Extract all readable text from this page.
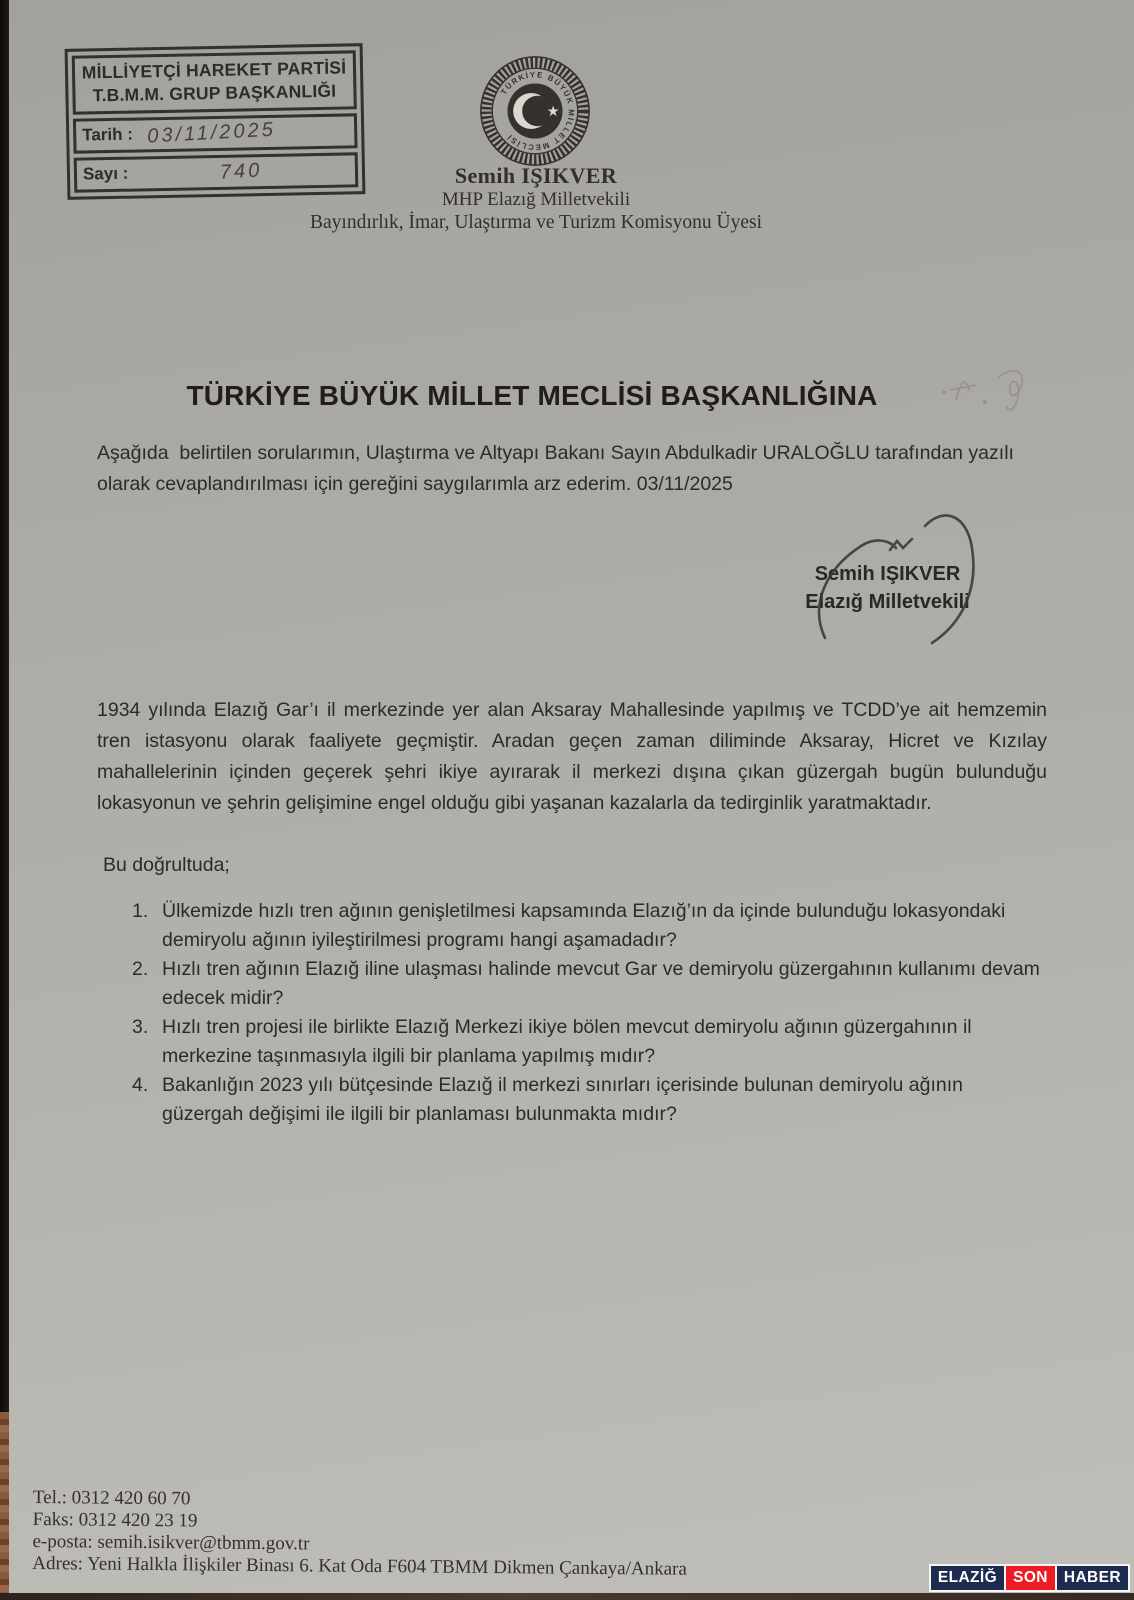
MİLLİYETÇİ HAREKET PARTİSİ
T.B.M.M. GRUP BAŞKANLIĞI
Tarih : 03/11/2025
Sayı :	740
TÜRKİYE BÜYÜK MİLLET MECLİSİ
★
Semih IŞIKVER
MHP Elazığ Milletvekili
Bayındırlık, İmar, Ulaştırma ve Turizm Komisyonu Üyesi
TÜRKİYE BÜYÜK MİLLET MECLİSİ BAŞKANLIĞINA
Aşağıda  belirtilen sorularımın, Ulaştırma ve Altyapı Bakanı Sayın Abdulkadir URALOĞLU tarafından yazılı olarak cevaplandırılması için gereğini saygılarımla arz ederim. 03/11/2025
Semih IŞIKVER
Elazığ Milletvekili
1934 yılında Elazığ Gar’ı il merkezinde yer alan Aksaray Mahallesinde yapılmış ve TCDD’ye ait hemzemin tren istasyonu olarak faaliyete geçmiştir. Aradan geçen zaman diliminde Aksaray, Hicret ve Kızılay mahallelerinin içinden geçerek şehri ikiye ayırarak il merkezi dışına çıkan güzergah bugün bulunduğu lokasyonun ve şehrin gelişimine engel olduğu gibi yaşanan kazalarla da tedirginlik yaratmaktadır.
Bu doğrultuda;
1. Ülkemizde hızlı tren ağının genişletilmesi kapsamında Elazığ’ın da içinde bulunduğu lokasyondaki demiryolu ağının iyileştirilmesi programı hangi aşamadadır?
2. Hızlı tren ağının Elazığ iline ulaşması halinde mevcut Gar ve demiryolu güzergahının kullanımı devam edecek midir?
3. Hızlı tren projesi ile birlikte Elazığ Merkezi ikiye bölen mevcut demiryolu ağının güzergahının il merkezine taşınmasıyla ilgili bir planlama yapılmış mıdır?
4. Bakanlığın 2023 yılı bütçesinde Elazığ il merkezi sınırları içerisinde bulunan demiryolu ağının güzergah değişimi ile ilgili bir planlaması bulunmakta mıdır?
Tel.: 0312 420 60 70
Faks: 0312 420 23 19
e-posta: semih.isikver@tbmm.gov.tr
Adres: Yeni Halkla İlişkiler Binası 6. Kat Oda F604 TBMM Dikmen Çankaya/Ankara	ELAZİĞ	SON	HABER
